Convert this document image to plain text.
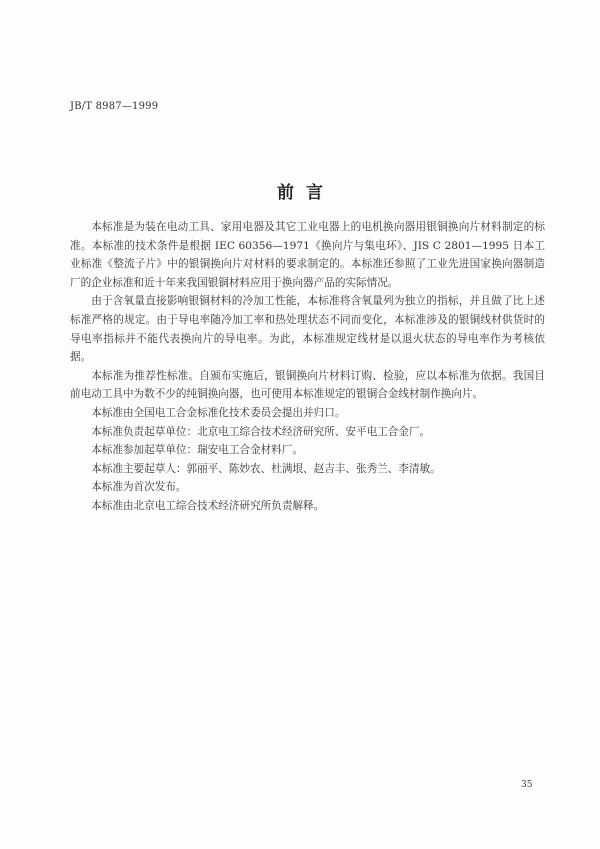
JB/T 8987—1999
前言

本标准是为装在电动工具、家用电器及其它工业电器上的电机换向器用银铜换向片材料制定的标准。本标准的技术条件是根据 IEC 60356—1971《换向片与集电环》、JIS C 2801—1995 日本工业标准《整流子片》中的银铜换向片对材料的要求制定的。本标准还参照了工业先进国家换向器制造厂的企业标准和近十年来我国银铜材料应用于换向器产品的实际情况。

由于含氧量直接影响银铜材料的冷加工性能，本标准将含氧量列为独立的指标，并且做了比上述标准严格的规定。由于导电率随冷加工率和热处理状态不同而变化，本标准涉及的银铜线材供货时的导电率指标并不能代表换向片的导电率。为此，本标准规定线材是以退火状态的导电率作为考核依据。

本标准为推荐性标准。自颁布实施后，银铜换向片材料订购、检验，应以本标准为依据。我国目前电动工具中为数不少的纯铜换向器，也可使用本标准规定的银铜合金线材制作换向片。

本标准由全国电工合金标准化技术委员会提出并归口。

本标准负责起草单位：北京电工综合技术经济研究所、安平电工合金厂。

本标准参加起草单位：瑞安电工合金材料厂。

本标准主要起草人：郭丽平、陈妙农、杜满垠、赵吉丰、张秀兰、李清敏。

本标准为首次发布。

本标准由北京电工综合技术经济研究所负责解释。

35
